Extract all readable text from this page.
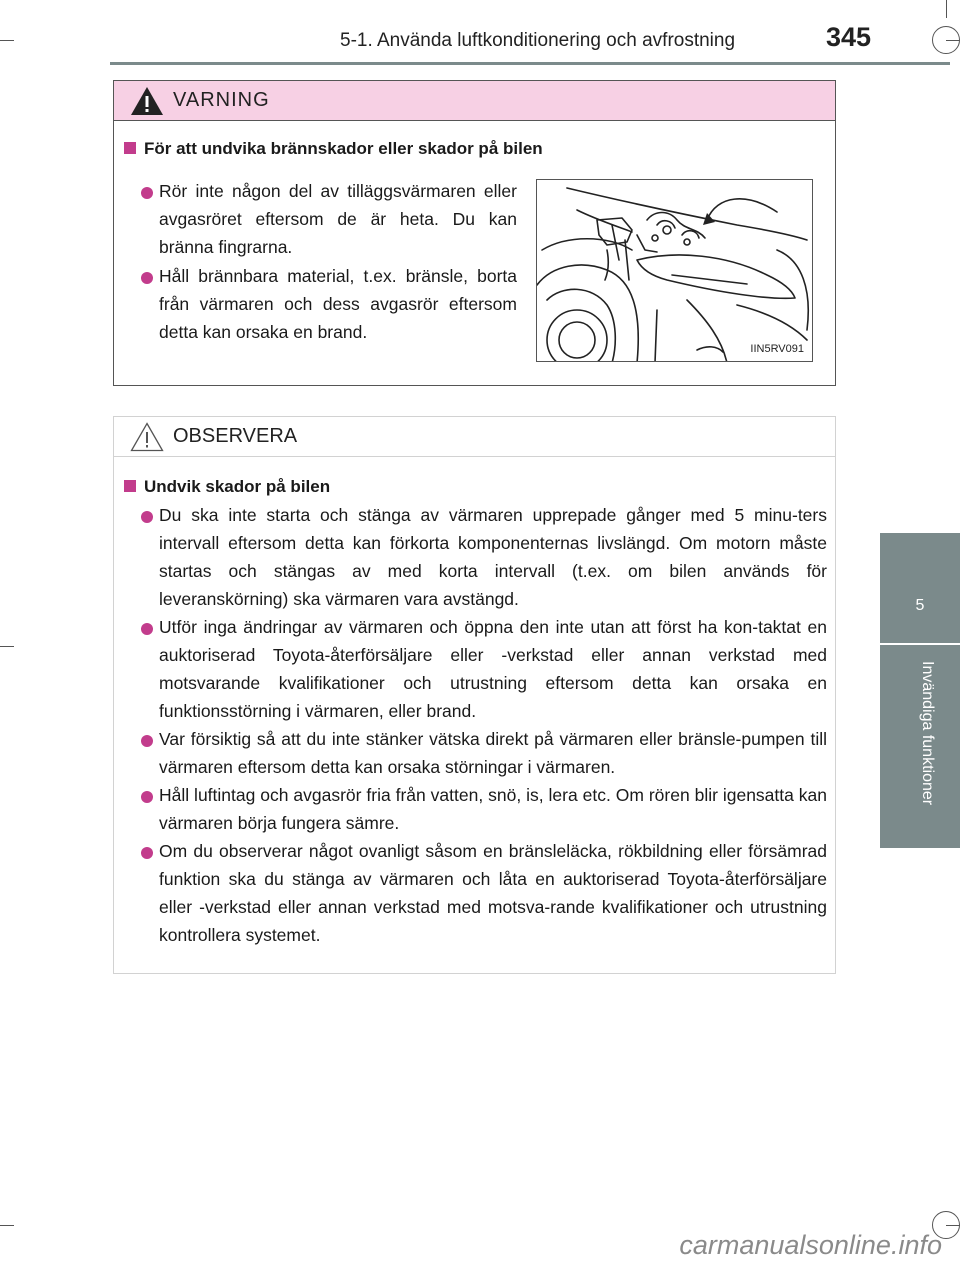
5-1. Använda luftkonditionering och avfrostning	345
5
Invändiga funktioner
VARNING
För att undvika brännskador eller skador på bilen
Rör inte någon del av tilläggsvärmaren eller avgasröret eftersom de är heta. Du kan bränna fingrarna.
Håll brännbara material, t.ex. bränsle, borta från värmaren och dess avgasrör eftersom detta kan orsaka en brand.
IIN5RV091
OBSERVERA
Undvik skador på bilen
Du ska inte starta och stänga av värmaren upprepade gånger med 5 minu-ters intervall eftersom detta kan förkorta komponenternas livslängd. Om motorn måste startas och stängas av med korta intervall (t.ex. om bilen används för leveranskörning) ska värmaren vara avstängd.
Utför inga ändringar av värmaren och öppna den inte utan att först ha kon-taktat en auktoriserad Toyota-återförsäljare eller -verkstad eller annan verkstad med motsvarande kvalifikationer och utrustning eftersom detta kan orsaka en funktionsstörning i värmaren, eller brand.
Var försiktig så att du inte stänker vätska direkt på värmaren eller bränsle-pumpen till värmaren eftersom detta kan orsaka störningar i värmaren.
Håll luftintag och avgasrör fria från vatten, snö, is, lera etc. Om rören blir igensatta kan värmaren börja fungera sämre.
Om du observerar något ovanligt såsom en bränsleläcka, rökbildning eller försämrad funktion ska du stänga av värmaren och låta en auktoriserad Toyota-återförsäljare eller -verkstad eller annan verkstad med motsva-rande kvalifikationer och utrustning kontrollera systemet.
carmanualsonline.info
